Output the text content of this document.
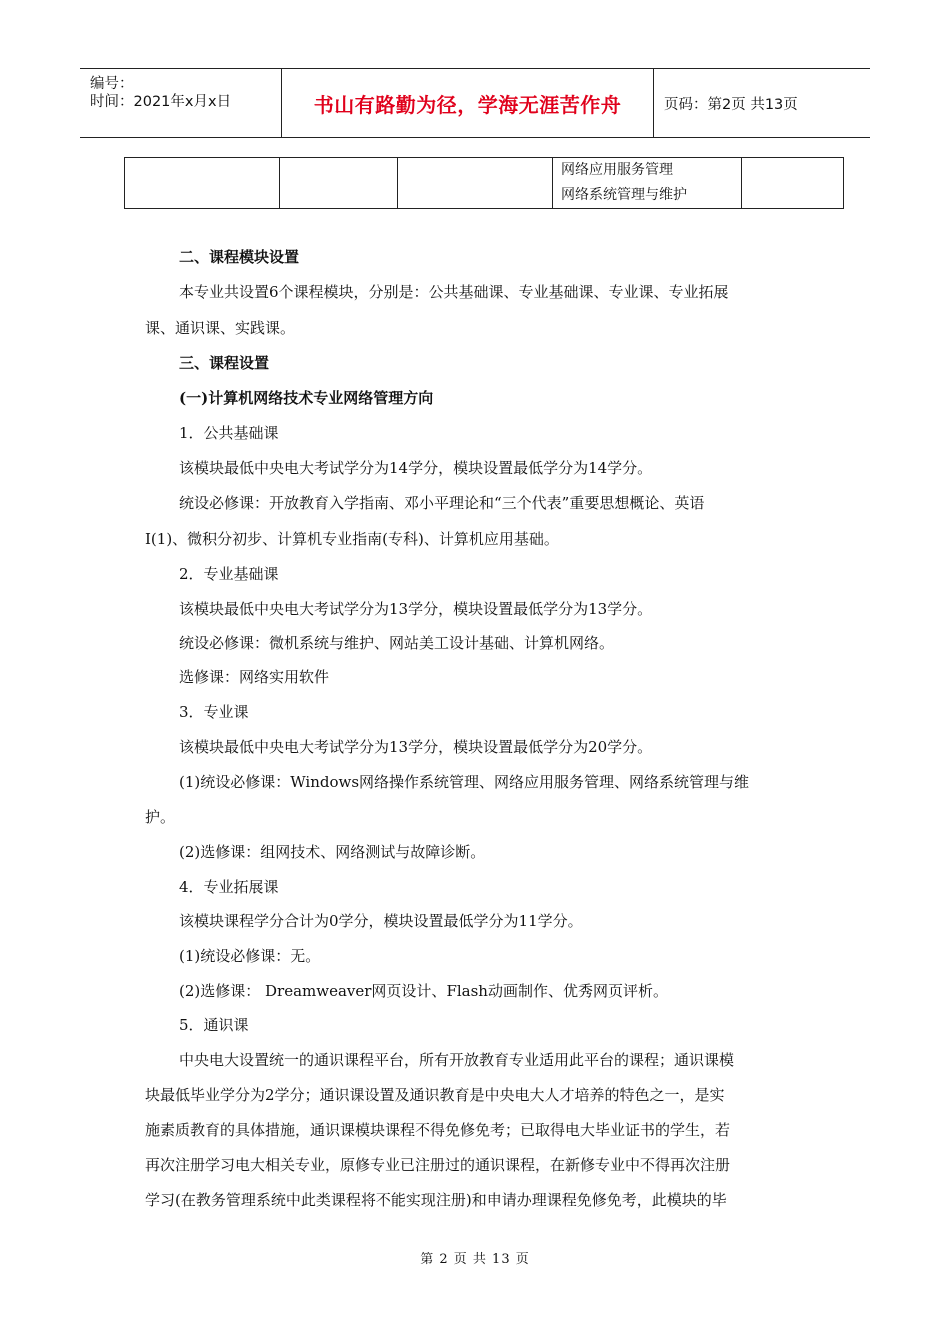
编号：
时间：2021年x月x日	书山有路勤为径，学海无涯苦作舟	页码：第2页 共13页

网络应用服务管理
网络系统管理与维护

二、课程模块设置
本专业共设置6个课程模块，分别是：公共基础课、专业基础课、专业课、专业拓展
课、通识课、实践课。
三、课程设置
(一)计算机网络技术专业网络管理方向
1．公共基础课
该模块最低中央电大考试学分为14学分，模块设置最低学分为14学分。
统设必修课：开放教育入学指南、邓小平理论和“三个代表”重要思想概论、英语
Ⅰ(1)、微积分初步、计算机专业指南(专科)、计算机应用基础。
2．专业基础课
该模块最低中央电大考试学分为13学分，模块设置最低学分为13学分。
统设必修课：微机系统与维护、网站美工设计基础、计算机网络。
选修课：网络实用软件
3．专业课
该模块最低中央电大考试学分为13学分，模块设置最低学分为20学分。
(1)统设必修课：Windows网络操作系统管理、网络应用服务管理、网络系统管理与维
护。
(2)选修课：组网技术、网络测试与故障诊断。
4．专业拓展课
该模块课程学分合计为0学分，模块设置最低学分为11学分。
(1)统设必修课：无。
(2)选修课： Dreamweaver网页设计、Flash动画制作、优秀网页评析。
5．通识课
中央电大设置统一的通识课程平台，所有开放教育专业适用此平台的课程；通识课模
块最低毕业学分为2学分；通识课设置及通识教育是中央电大人才培养的特色之一，是实
施素质教育的具体措施，通识课模块课程不得免修免考；已取得电大毕业证书的学生，若
再次注册学习电大相关专业，原修专业已注册过的通识课程，在新修专业中不得再次注册
学习(在教务管理系统中此类课程将不能实现注册)和申请办理课程免修免考，此模块的毕
第 2 页 共 13 页
